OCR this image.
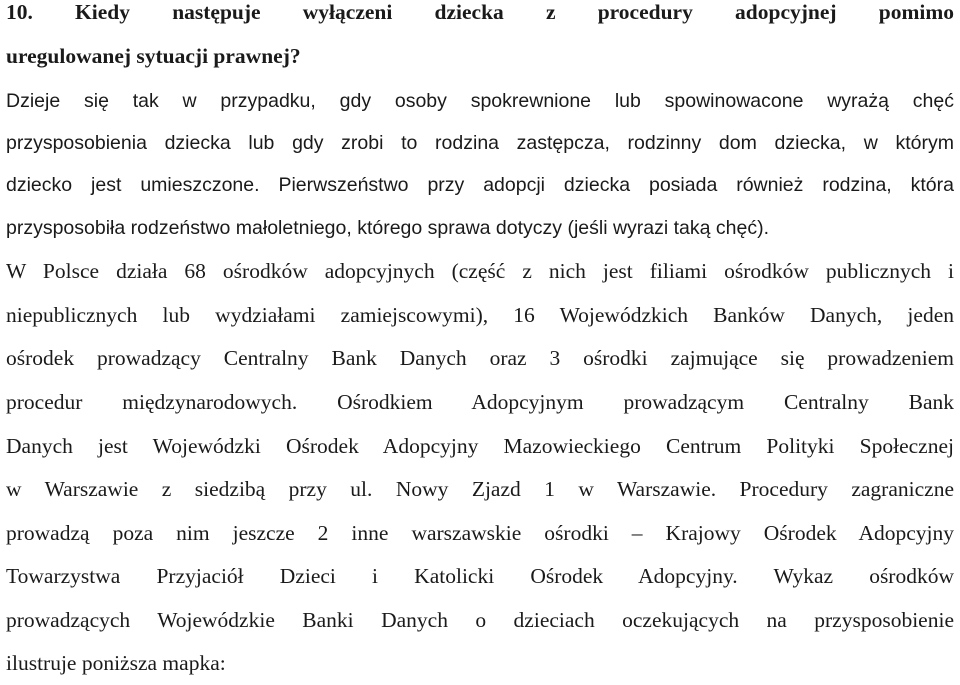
10. Kiedy następuje wyłączeni dziecka z procedury adopcyjnej pomimo
uregulowanej sytuacji prawnej?
Dzieje się tak w przypadku, gdy osoby spokrewnione lub spowinowacone wyrażą chęć
przysposobienia dziecka lub gdy zrobi to rodzina zastępcza, rodzinny dom dziecka, w którym
dziecko jest umieszczone. Pierwszeństwo przy adopcji dziecka posiada również rodzina, która
przysposobiła rodzeństwo małoletniego, którego sprawa dotyczy (jeśli wyrazi taką chęć).
W Polsce działa 68 ośrodków adopcyjnych (część z nich jest filiami ośrodków publicznych i
niepublicznych lub wydziałami zamiejscowymi), 16 Wojewódzkich Banków Danych, jeden
ośrodek prowadzący Centralny Bank Danych oraz 3 ośrodki zajmujące się prowadzeniem
procedur międzynarodowych. Ośrodkiem Adopcyjnym prowadzącym Centralny Bank
Danych jest Wojewódzki Ośrodek Adopcyjny Mazowieckiego Centrum Polityki Społecznej
w Warszawie z siedzibą przy ul. Nowy Zjazd 1 w Warszawie. Procedury zagraniczne
prowadzą poza nim jeszcze 2 inne warszawskie ośrodki – Krajowy Ośrodek Adopcyjny
Towarzystwa Przyjaciół Dzieci i Katolicki Ośrodek Adopcyjny. Wykaz ośrodków
prowadzących Wojewódzkie Banki Danych o dzieciach oczekujących na przysposobienie
ilustruje poniższa mapka:
